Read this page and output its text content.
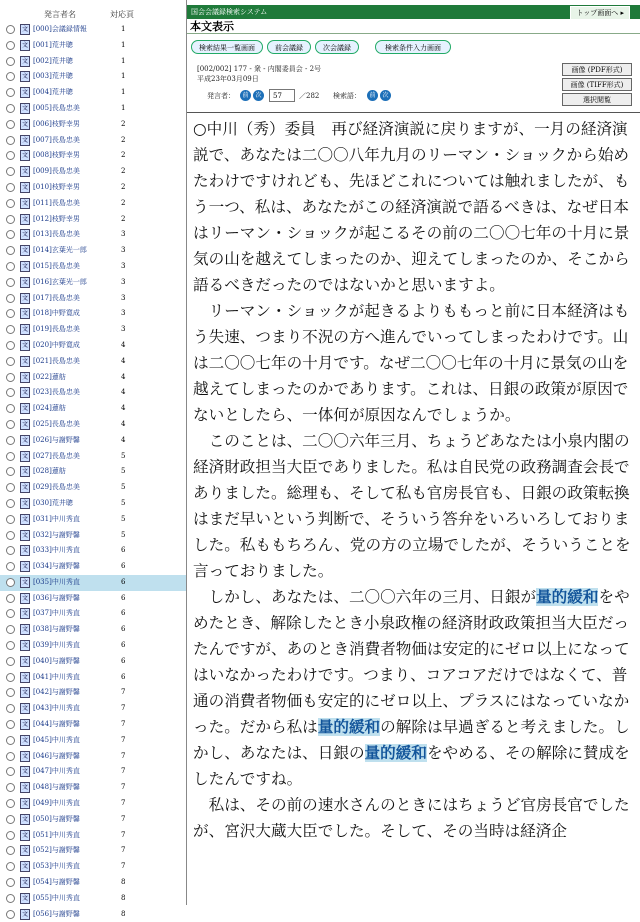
発言者名	対応頁
文 [000]会議録情報	1
文 [001]荒井聰	1
文 [002]荒井聰	1
文 [003]荒井聰	1
文 [004]荒井聰	1
文 [005]長島忠美	1
文 [006]枝野幸男	2
文 [007]長島忠美	2
文 [008]枝野幸男	2
文 [009]長島忠美	2
文 [010]枝野幸男	2
文 [011]長島忠美	2
文 [012]枝野幸男	2
文 [013]長島忠美	3
文 [014]玄葉光一郎	3
文 [015]長島忠美	3
文 [016]玄葉光一郎	3
文 [017]長島忠美	3
文 [018]中野寛成	3
文 [019]長島忠美	3
文 [020]中野寛成	4
文 [021]長島忠美	4
文 [022]蓮舫	4
文 [023]長島忠美	4
文 [024]蓮舫	4
文 [025]長島忠美	4
文 [026]与謝野馨	4
文 [027]長島忠美	5
文 [028]蓮舫	5
文 [029]長島忠美	5
文 [030]荒井聰	5
文 [031]中川秀直	5
文 [032]与謝野馨	5
文 [033]中川秀直	6
文 [034]与謝野馨	6
文 [035]中川秀直	6
文 [036]与謝野馨	6
文 [037]中川秀直	6
文 [038]与謝野馨	6
文 [039]中川秀直	6
文 [040]与謝野馨	6
文 [041]中川秀直	6
文 [042]与謝野馨	7
文 [043]中川秀直	7
文 [044]与謝野馨	7
文 [045]中川秀直	7
文 [046]与謝野馨	7
文 [047]中川秀直	7
文 [048]与謝野馨	7
文 [049]中川秀直	7
文 [050]与謝野馨	7
文 [051]中川秀直	7
文 [052]与謝野馨	7
文 [053]中川秀直	7
文 [054]与謝野馨	8
文 [055]中川秀直	8
文 [056]与謝野馨	8
国会会議録検索システム	トップ画面へ ▸
本文表示
検索結果一覧画面	前会議録	次会議録	検索条件入力画面
[002/002] 177 - 衆 - 内閣委員会 - 2号
平成23年03月09日
発言者：	前	次	57	／282 検索語：	前	次
画像 (PDF形式)
画像 (TIFF形式)
選択閲覧

○中川（秀）委員　再び経済演説に戻りますが、一月の経済演説で、あなたは二〇〇八年九月のリーマン・ショックから始めたわけですけれども、先ほどこれについては触れましたが、もう一つ、私は、あなたがこの経済演説で語るべきは、なぜ日本はリーマン・ショックが起こるその前の二〇〇七年の十月に景気の山を越えてしまったのか、迎えてしまったのか、そこから語るべきだったのではないかと思いますよ。

リーマン・ショックが起きるよりももっと前に日本経済はもう失速、つまり不況の方へ進んでいってしまったわけです。山は二〇〇七年の十月です。なぜ二〇〇七年の十月に景気の山を越えてしまったのかであります。これは、日銀の政策が原因でないとしたら、一体何が原因なんでしょうか。

このことは、二〇〇六年三月、ちょうどあなたは小泉内閣の経済財政担当大臣でありました。私は自民党の政務調査会長でありました。総理も、そして私も官房長官も、日銀の政策転換はまだ早いという判断で、そういう答弁をいろいろしておりました。私ももちろん、党の方の立場でしたが、そういうことを言っておりました。

しかし、あなたは、二〇〇六年の三月、日銀が量的緩和をやめたとき、解除したとき小泉政権の経済財政政策担当大臣だったんですが、あのとき消費者物価は安定的にゼロ以上になってはいなかったわけです。つまり、コアコアだけではなくて、普通の消費者物価も安定的にゼロ以上、プラスにはなっていなかった。だから私は量的緩和の解除は早過ぎると考えました。しかし、あなたは、日銀の量的緩和をやめる、その解除に賛成をしたんですね。

私は、その前の速水さんのときにはちょうど官房長官でしたが、宮沢大蔵大臣でした。そして、その当時は経済企
